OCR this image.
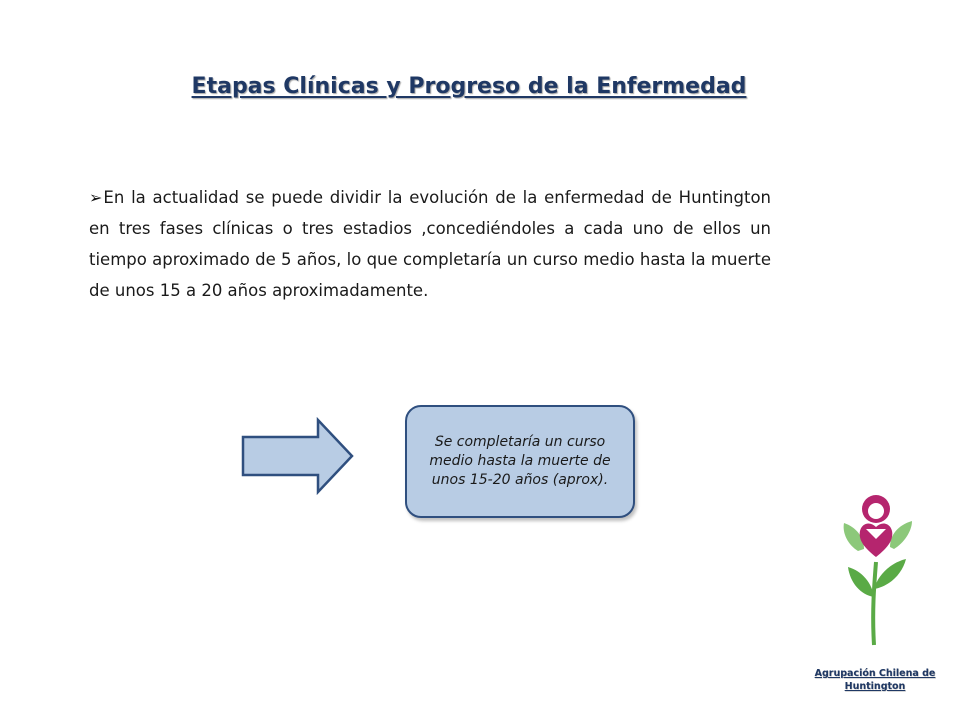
Etapas Clínicas y Progreso de la Enfermedad
➢En la actualidad se puede dividir la evolución de la enfermedad de Huntington en tres fases clínicas o tres estadios ,concediéndoles a cada uno de ellos un tiempo aproximado de 5 años, lo que completaría un curso medio hasta la muerte de unos 15 a 20 años aproximadamente.
Se completaría un curso medio hasta la muerte de unos 15-20 años (aprox).
Agrupación Chilena de Huntington
